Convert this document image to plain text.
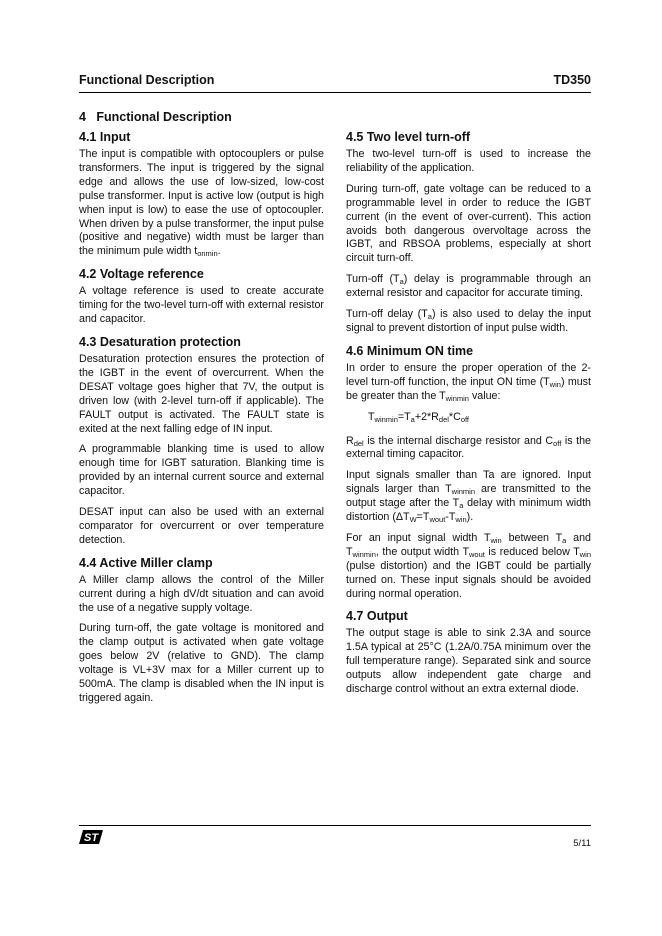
Functional Description	TD350
4 Functional Description
4.1 Input

The input is compatible with optocouplers or pulse transformers. The input is triggered by the signal edge and allows the use of low-sized, low-cost pulse transformer. Input is active low (output is high when input is low) to ease the use of optocoupler. When driven by a pulse transformer, the input pulse (positive and negative) width must be larger than the minimum pule width $t_{onmin}$.

4.2 Voltage reference

A voltage reference is used to create accurate timing for the two-level turn-off with external resistor and capacitor.

4.3 Desaturation protection

Desaturation protection ensures the protection of the IGBT in the event of overcurrent. When the DESAT voltage goes higher that 7V, the output is driven low (with 2-level turn-off if applicable). The FAULT output is activated. The FAULT state is exited at the next falling edge of IN input.

A programmable blanking time is used to allow enough time for IGBT saturation. Blanking time is provided by an internal current source and external capacitor.

DESAT input can also be used with an external comparator for overcurrent or over temperature detection.

4.4 Active Miller clamp

A Miller clamp allows the control of the Miller current during a high dV/dt situation and can avoid the use of a negative supply voltage.

During turn-off, the gate voltage is monitored and the clamp output is activated when gate voltage goes below 2V (relative to GND). The clamp voltage is VL+3V max for a Miller current up to 500mA. The clamp is disabled when the IN input is triggered again.

4.5 Two level turn-off

The two-level turn-off is used to increase the reliability of the application.

During turn-off, gate voltage can be reduced to a programmable level in order to reduce the IGBT current (in the event of over-current). This action avoids both dangerous overvoltage across the IGBT, and RBSOA problems, especially at short circuit turn-off.

Turn-off $(T_a)$ delay is programmable through an external resistor and capacitor for accurate timing.

Turn-off delay $(T_a)$ is also used to delay the input signal to prevent distortion of input pulse width.

4.6 Minimum ON time

In order to ensure the proper operation of the 2-level turn-off function, the input ON time $(T_{win})$ must be greater than the $T_{winmin}$ value:

$T_{winmin}=T_a+2*R_{del}*C_{off}$

$R_{del}$ is the internal discharge resistor and $C_{off}$ is the external timing capacitor.

Input signals smaller than Ta are ignored. Input signals larger than $T_{winmin}$ are transmitted to the output stage after the $T_a$ delay with minimum width distortion $(\Delta T_W=T_{wout}-T_{win})$.

For an input signal width $T_{win}$ between $T_a$ and $T_{winmin}$, the output width $T_{wout}$ is reduced below $T_{win}$ (pulse distortion) and the IGBT could be partially turned on. These input signals should be avoided during normal operation.

4.7 Output

The output stage is able to sink 2.3A and source 1.5A typical at 25°C (1.2A/0.75A minimum over the full temperature range). Separated sink and source outputs allow independent gate charge and discharge control without an extra external diode.

ST	5/11
